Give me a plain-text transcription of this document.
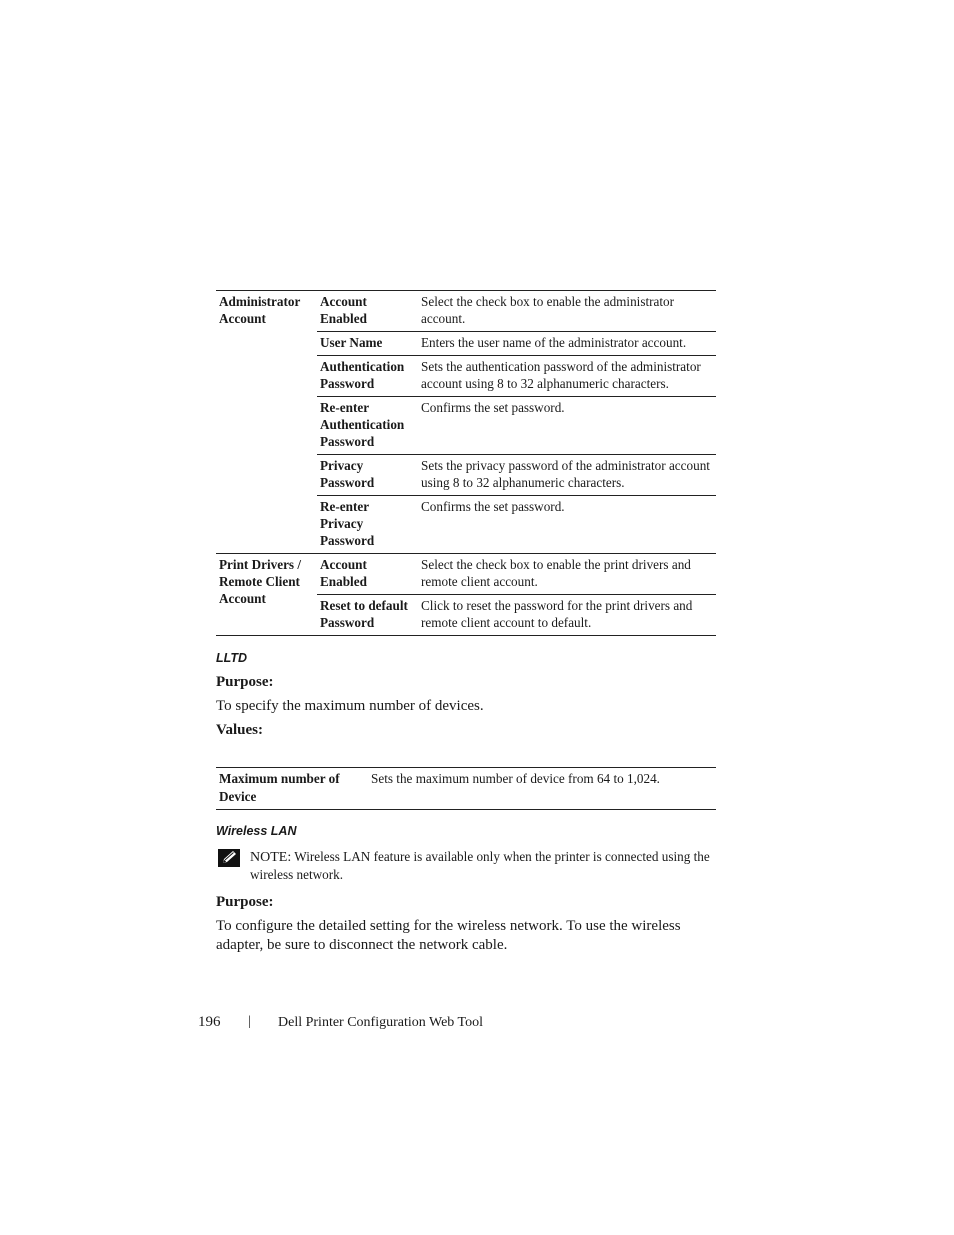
Administrator Account	Account Enabled	Select the check box to enable the administrator account.
	User Name	Enters the user name of the administrator account.
	Authentication Password	Sets the authentication password of the administrator account using 8 to 32 alphanumeric characters.
	Re-enter Authentication Password	Confirms the set password.
	Privacy Password	Sets the privacy password of the administrator account using 8 to 32 alphanumeric characters.
	Re-enter Privacy Password	Confirms the set password.
Print Drivers / Remote Client Account	Account Enabled	Select the check box to enable the print drivers and remote client account.
	Reset to default Password	Click to reset the password for the print drivers and remote client account to default.

LLTD

Purpose:

To specify the maximum number of devices.

Values:

Maximum number of Device	Sets the maximum number of device from 64 to 1,024.

Wireless LAN

NOTE: Wireless LAN feature is available only when the printer is connected using the wireless network.

Purpose:

To configure the detailed setting for the wireless network. To use the wireless adapter, be sure to disconnect the network cable.

196 | Dell Printer Configuration Web Tool
